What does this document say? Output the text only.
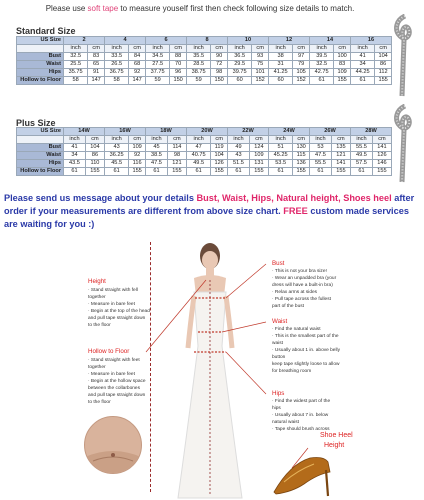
Please use soft tape to measure youself first then check following size details to match.
Standard Size
US Size	2		4		6		8		10		12		14		16	
	inch	cm	inch	cm	inch	cm	inch	cm	inch	cm	inch	cm	inch	cm	inch	cm
Bust	32.5	83	33.5	84	34.5	88	35.5	90	36.5	93	38	97	39.5	100	41	104
Waist	25.5	65	26.5	68	27.5	70	28.5	72	29.5	75	31	79	32.5	83	34	86
Hips	35.75	91	36.75	92	37.75	96	38.75	98	39.75	101	41.25	105	42.75	109	44.25	112
Hollow to Floor	58	147	58	147	59	150	59	150	60	152	60	152	61	155	61	155
Plus Size
US Size	14W		16W		18W		20W		22W		24W		26W		28W	
	inch	cm	inch	cm	inch	cm	inch	cm	inch	cm	inch	cm	inch	cm	inch	cm
Bust	41	104	43	109	45	114	47	119	49	124	51	130	53	135	55.5	141
Waist	34	86	36.25	92	38.5	98	40.75	104	43	109	45.25	115	47.5	121	49.5	126
Hips	43.5	110	45.5	116	47.5	121	49.5	126	51.5	131	53.5	136	55.5	141	57.5	146
Hollow to Floor	61	155	61	155	61	155	61	155	61	155	61	155	61	155	61	155
Please send us message about your details Bust, Waist, Hips, Natural height, Shoes heel after order if your measurements are different from above size chart. FREE custom made services are waiting for you :)
Height
· Stand straight with fell
together
· Measure in bare feet
· Begin at the top of the head
and pull tape straight down
to the floor
Hollow to Floor
· Stand straight with feet
together
· Measure in bare feet
· Begin at the hollow space
between the collarbones
and pull tape straight down
to the floor
Bust
· This is not your bra size!
· Wear an unpadded bra (your
dress will have a built-in bra)
· Relax arms at sides
· Pull tape across the fullest
part of the bust
Waist
· Find the natural waist
· This is the smallest part of the
waist
· Usually about 1 in. above belly
button
keep tape slightly loose to allow
for breathing room
Hips
· Find the widest part of the
hips
· Usually about 7 in. below
natural waist
· Tape should brush across
Shoe Heel
Height
